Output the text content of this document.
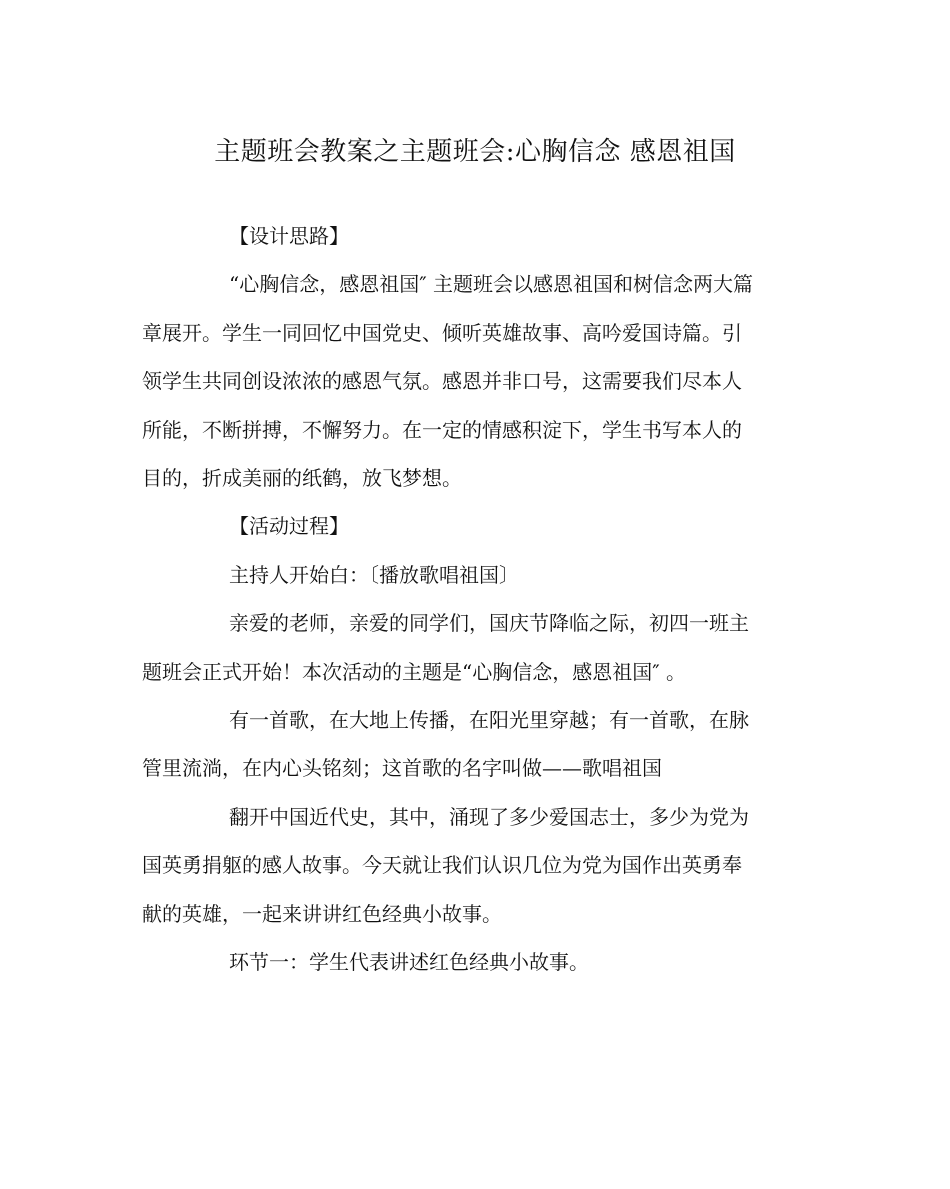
主题班会教案之主题班会:心胸信念 感恩祖国

【设计思路】

“心胸信念，感恩祖国″ 主题班会以感恩祖国和树信念两大篇

章展开。学生一同回忆中国党史、倾听英雄故事、高吟爱国诗篇。引

领学生共同创设浓浓的感恩气氛。感恩并非口号，这需要我们尽本人

所能，不断拼搏，不懈努力。在一定的情感积淀下，学生书写本人的

目的，折成美丽的纸鹤，放飞梦想。

【活动过程】

主持人开始白：〔播放歌唱祖国〕

亲爱的老师，亲爱的同学们，国庆节降临之际，初四一班主

题班会正式开始！本次活动的主题是“心胸信念，感恩祖国″ 。

有一首歌，在大地上传播，在阳光里穿越；有一首歌，在脉

管里流淌，在内心头铭刻；这首歌的名字叫做——歌唱祖国

翻开中国近代史，其中，涌现了多少爱国志士，多少为党为

国英勇捐躯的感人故事。今天就让我们认识几位为党为国作出英勇奉

献的英雄，一起来讲讲红色经典小故事。

环节一：学生代表讲述红色经典小故事。
